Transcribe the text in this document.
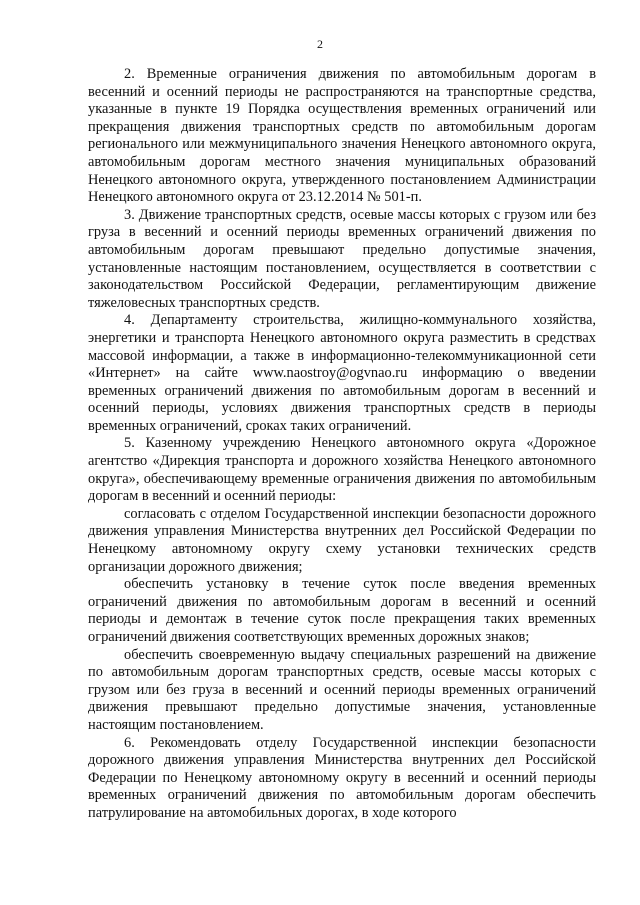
2

2. Временные ограничения движения по автомобильным дорогам в весенний и осенний периоды не распространяются на транспортные средства, указанные в пункте 19 Порядка осуществления временных ограничений или прекращения движения транспортных средств по автомобильным дорогам регионального или межмуниципального значения Ненецкого автономного округа, автомобильным дорогам местного значения муниципальных образований Ненецкого автономного округа, утвержденного постановлением Администрации Ненецкого автономного округа от 23.12.2014 № 501-п.

3. Движение транспортных средств, осевые массы которых с грузом или без груза в весенний и осенний периоды временных ограничений движения по автомобильным дорогам превышают предельно допустимые значения, установленные настоящим постановлением, осуществляется в соответствии с законодательством Российской Федерации, регламентирующим движение тяжеловесных транспортных средств.

4. Департаменту строительства, жилищно-коммунального хозяйства, энергетики и транспорта Ненецкого автономного округа разместить в средствах массовой информации, а также в информационно-телекоммуникационной сети «Интернет» на сайте www.naostroy@ogvnao.ru информацию о введении временных ограничений движения по автомобильным дорогам в весенний и осенний периоды, условиях движения транспортных средств в периоды временных ограничений, сроках таких ограничений.

5. Казенному учреждению Ненецкого автономного округа «Дорожное агентство «Дирекция транспорта и дорожного хозяйства Ненецкого автономного округа», обеспечивающему временные ограничения движения по автомобильным дорогам в весенний и осенний периоды:

согласовать с отделом Государственной инспекции безопасности дорожного движения управления Министерства внутренних дел Российской Федерации по Ненецкому автономному округу схему установки технических средств организации дорожного движения;

обеспечить установку в течение суток после введения временных ограничений движения по автомобильным дорогам в весенний и осенний периоды и демонтаж в течение суток после прекращения таких временных ограничений движения соответствующих временных дорожных знаков;

обеспечить своевременную выдачу специальных разрешений на движение по автомобильным дорогам транспортных средств, осевые массы которых с грузом или без груза в весенний и осенний периоды временных ограничений движения превышают предельно допустимые значения, установленные настоящим постановлением.

6. Рекомендовать отделу Государственной инспекции безопасности дорожного движения управления Министерства внутренних дел Российской Федерации по Ненецкому автономному округу в весенний и осенний периоды временных ограничений движения по автомобильным дорогам обеспечить патрулирование на автомобильных дорогах, в ходе которого
